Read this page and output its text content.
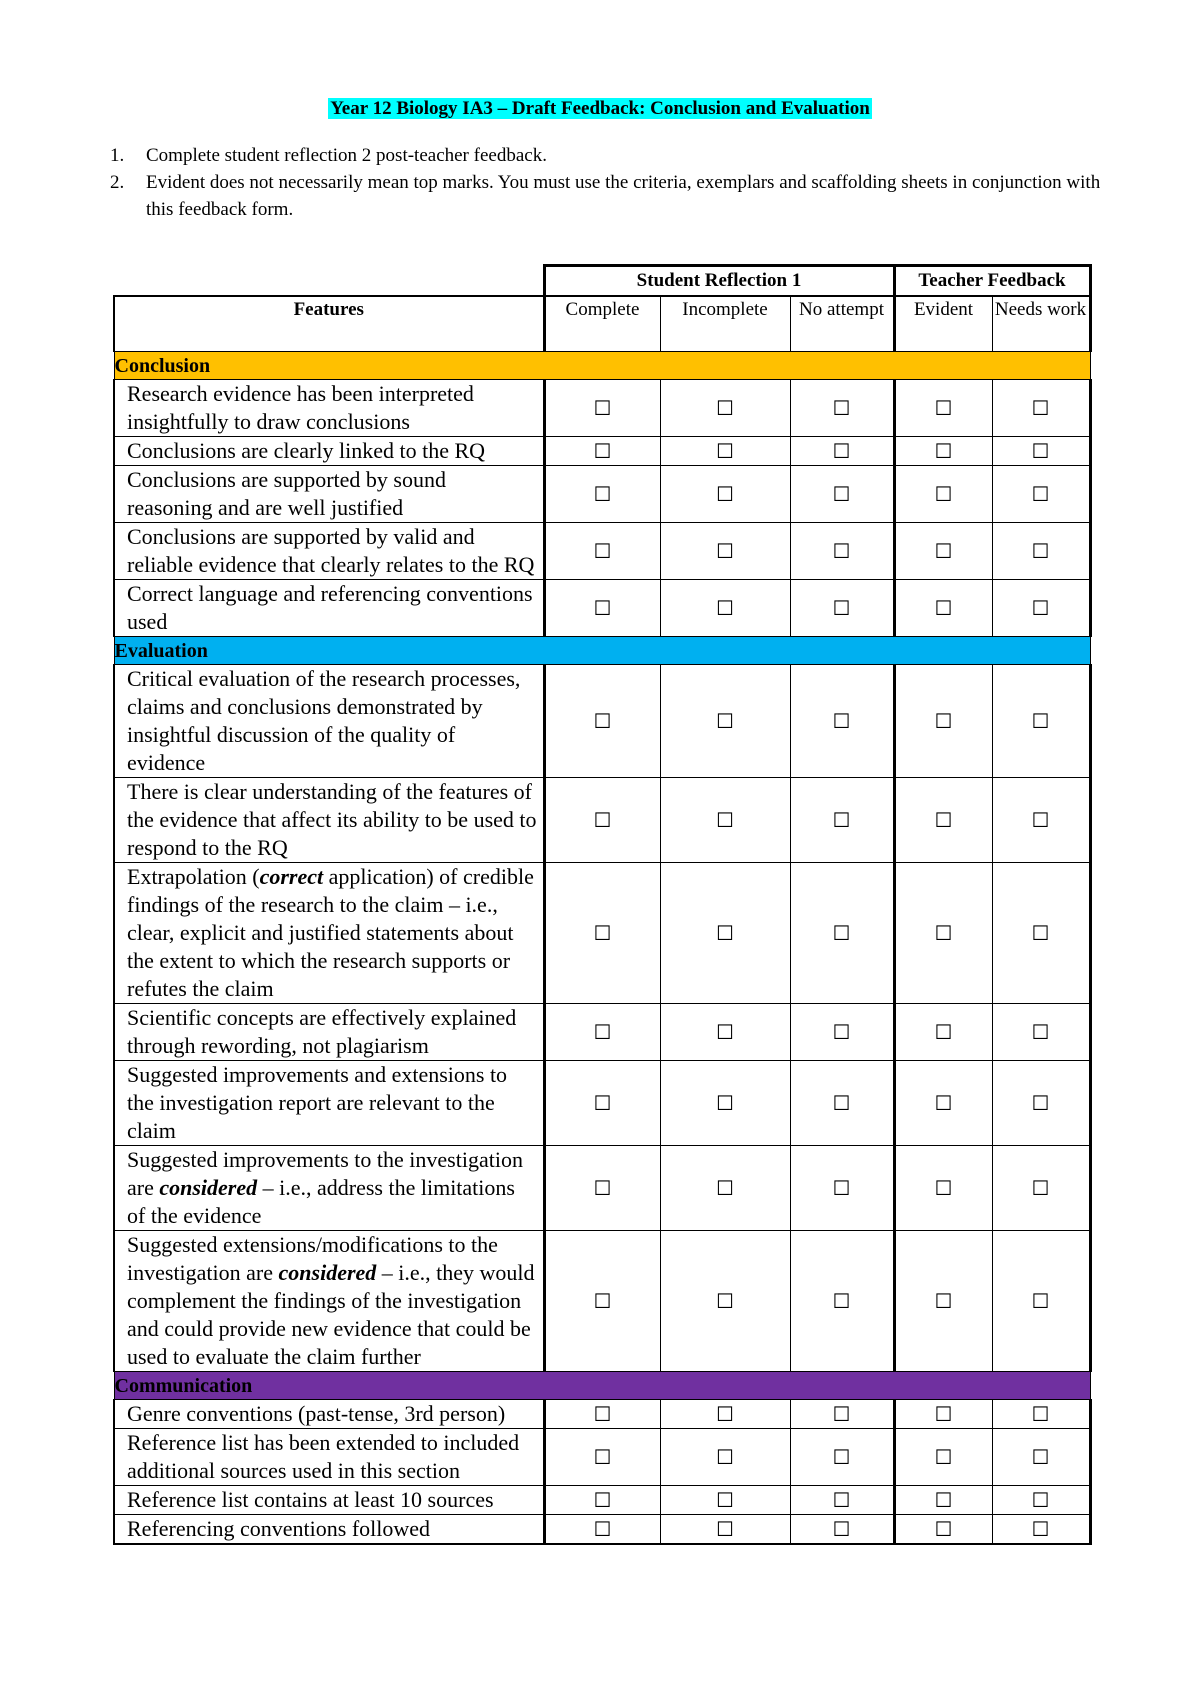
Year 12 Biology IA3 – Draft Feedback: Conclusion and Evaluation
1. Complete student reflection 2 post-teacher feedback.
2. Evident does not necessarily mean top marks. You must use the criteria, exemplars and scaffolding sheets in conjunction with this feedback form.
	Student Reflection 1			Teacher Feedback	
Features	Complete	Incomplete	No attempt	Evident	Needs work
Conclusion					
Research evidence has been interpreted insightfully to draw conclusions	☐	☐	☐	☐	☐
Conclusions are clearly linked to the RQ	☐	☐	☐	☐	☐
Conclusions are supported by sound reasoning and are well justified	☐	☐	☐	☐	☐
Conclusions are supported by valid and reliable evidence that clearly relates to the RQ	☐	☐	☐	☐	☐
Correct language and referencing conventions used	☐	☐	☐	☐	☐
Evaluation					
Critical evaluation of the research processes, claims and conclusions demonstrated by insightful discussion of the quality of evidence	☐	☐	☐	☐	☐
There is clear understanding of the features of the evidence that affect its ability to be used to respond to the RQ	☐	☐	☐	☐	☐
Extrapolation (correct application) of credible findings of the research to the claim – i.e., clear, explicit and justified statements about the extent to which the research supports or refutes the claim	☐	☐	☐	☐	☐
Scientific concepts are effectively explained through rewording, not plagiarism	☐	☐	☐	☐	☐
Suggested improvements and extensions to the investigation report are relevant to the claim	☐	☐	☐	☐	☐
Suggested improvements to the investigation are considered – i.e., address the limitations of the evidence	☐	☐	☐	☐	☐
Suggested extensions/modifications to the investigation are considered – i.e., they would complement the findings of the investigation and could provide new evidence that could be used to evaluate the claim further	☐	☐	☐	☐	☐
Communication					
Genre conventions (past-tense, 3rd person)	☐	☐	☐	☐	☐
Reference list has been extended to included additional sources used in this section	☐	☐	☐	☐	☐
Reference list contains at least 10 sources	☐	☐	☐	☐	☐
Referencing conventions followed	☐	☐	☐	☐	☐
